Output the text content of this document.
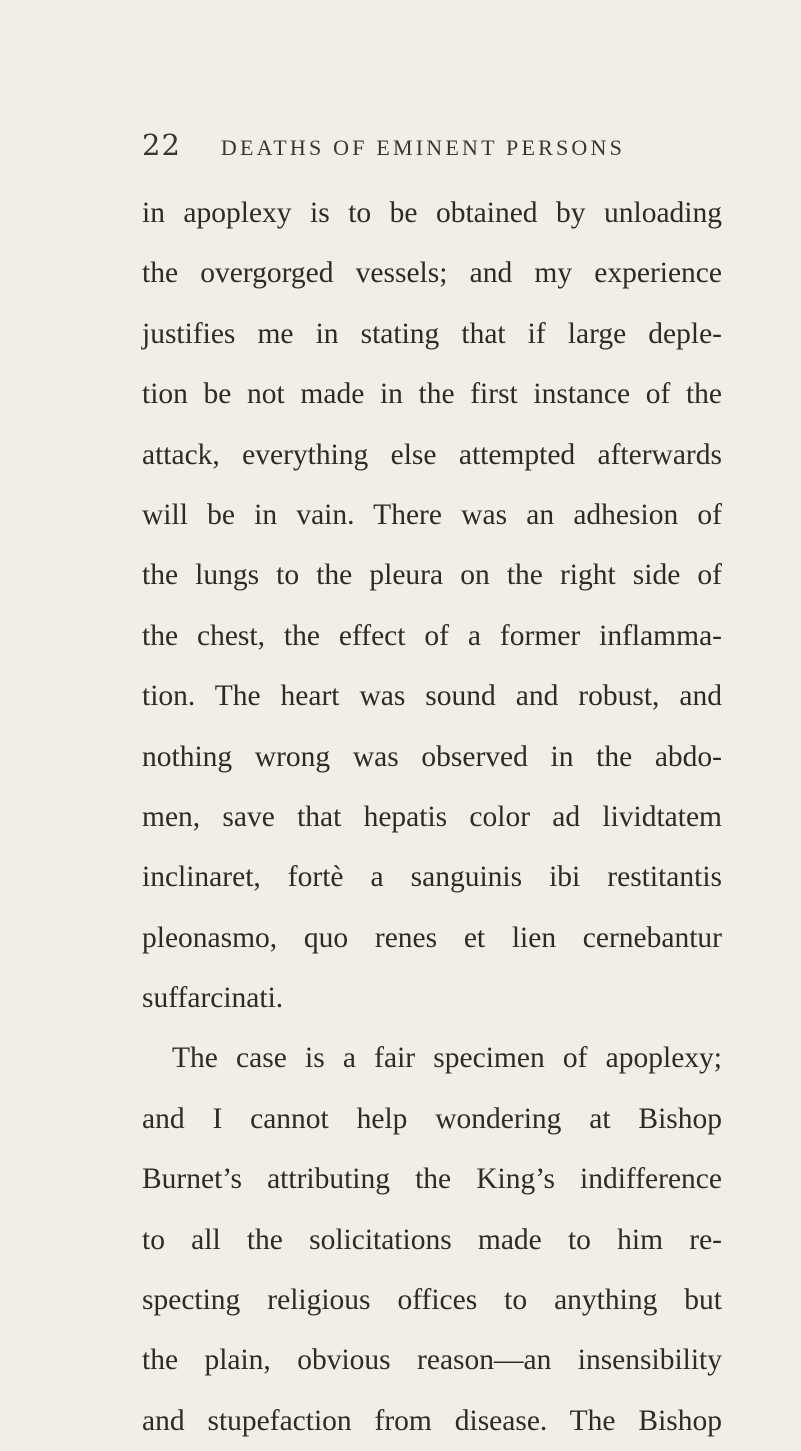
22 DEATHS OF EMINENT PERSONS
in apoplexy is to be obtained by unloading
the overgorged vessels; and my experience
justifies me in stating that if large deple-
tion be not made in the first instance of the
attack, everything else attempted afterwards
will be in vain. There was an adhesion of
the lungs to the pleura on the right side of
the chest, the effect of a former inflamma-
tion. The heart was sound and robust, and
nothing wrong was observed in the abdo-
men, save that hepatis color ad lividtatem
inclinaret, fortè a sanguinis ibi restitantis
pleonasmo, quo renes et lien cernebantur
suffarcinati.
The case is a fair specimen of apoplexy;
and I cannot help wondering at Bishop
Burnet’s attributing the King’s indifference
to all the solicitations made to him re-
specting religious offices to anything but
the plain, obvious reason—an insensibility
and stupefaction from disease. The Bishop
